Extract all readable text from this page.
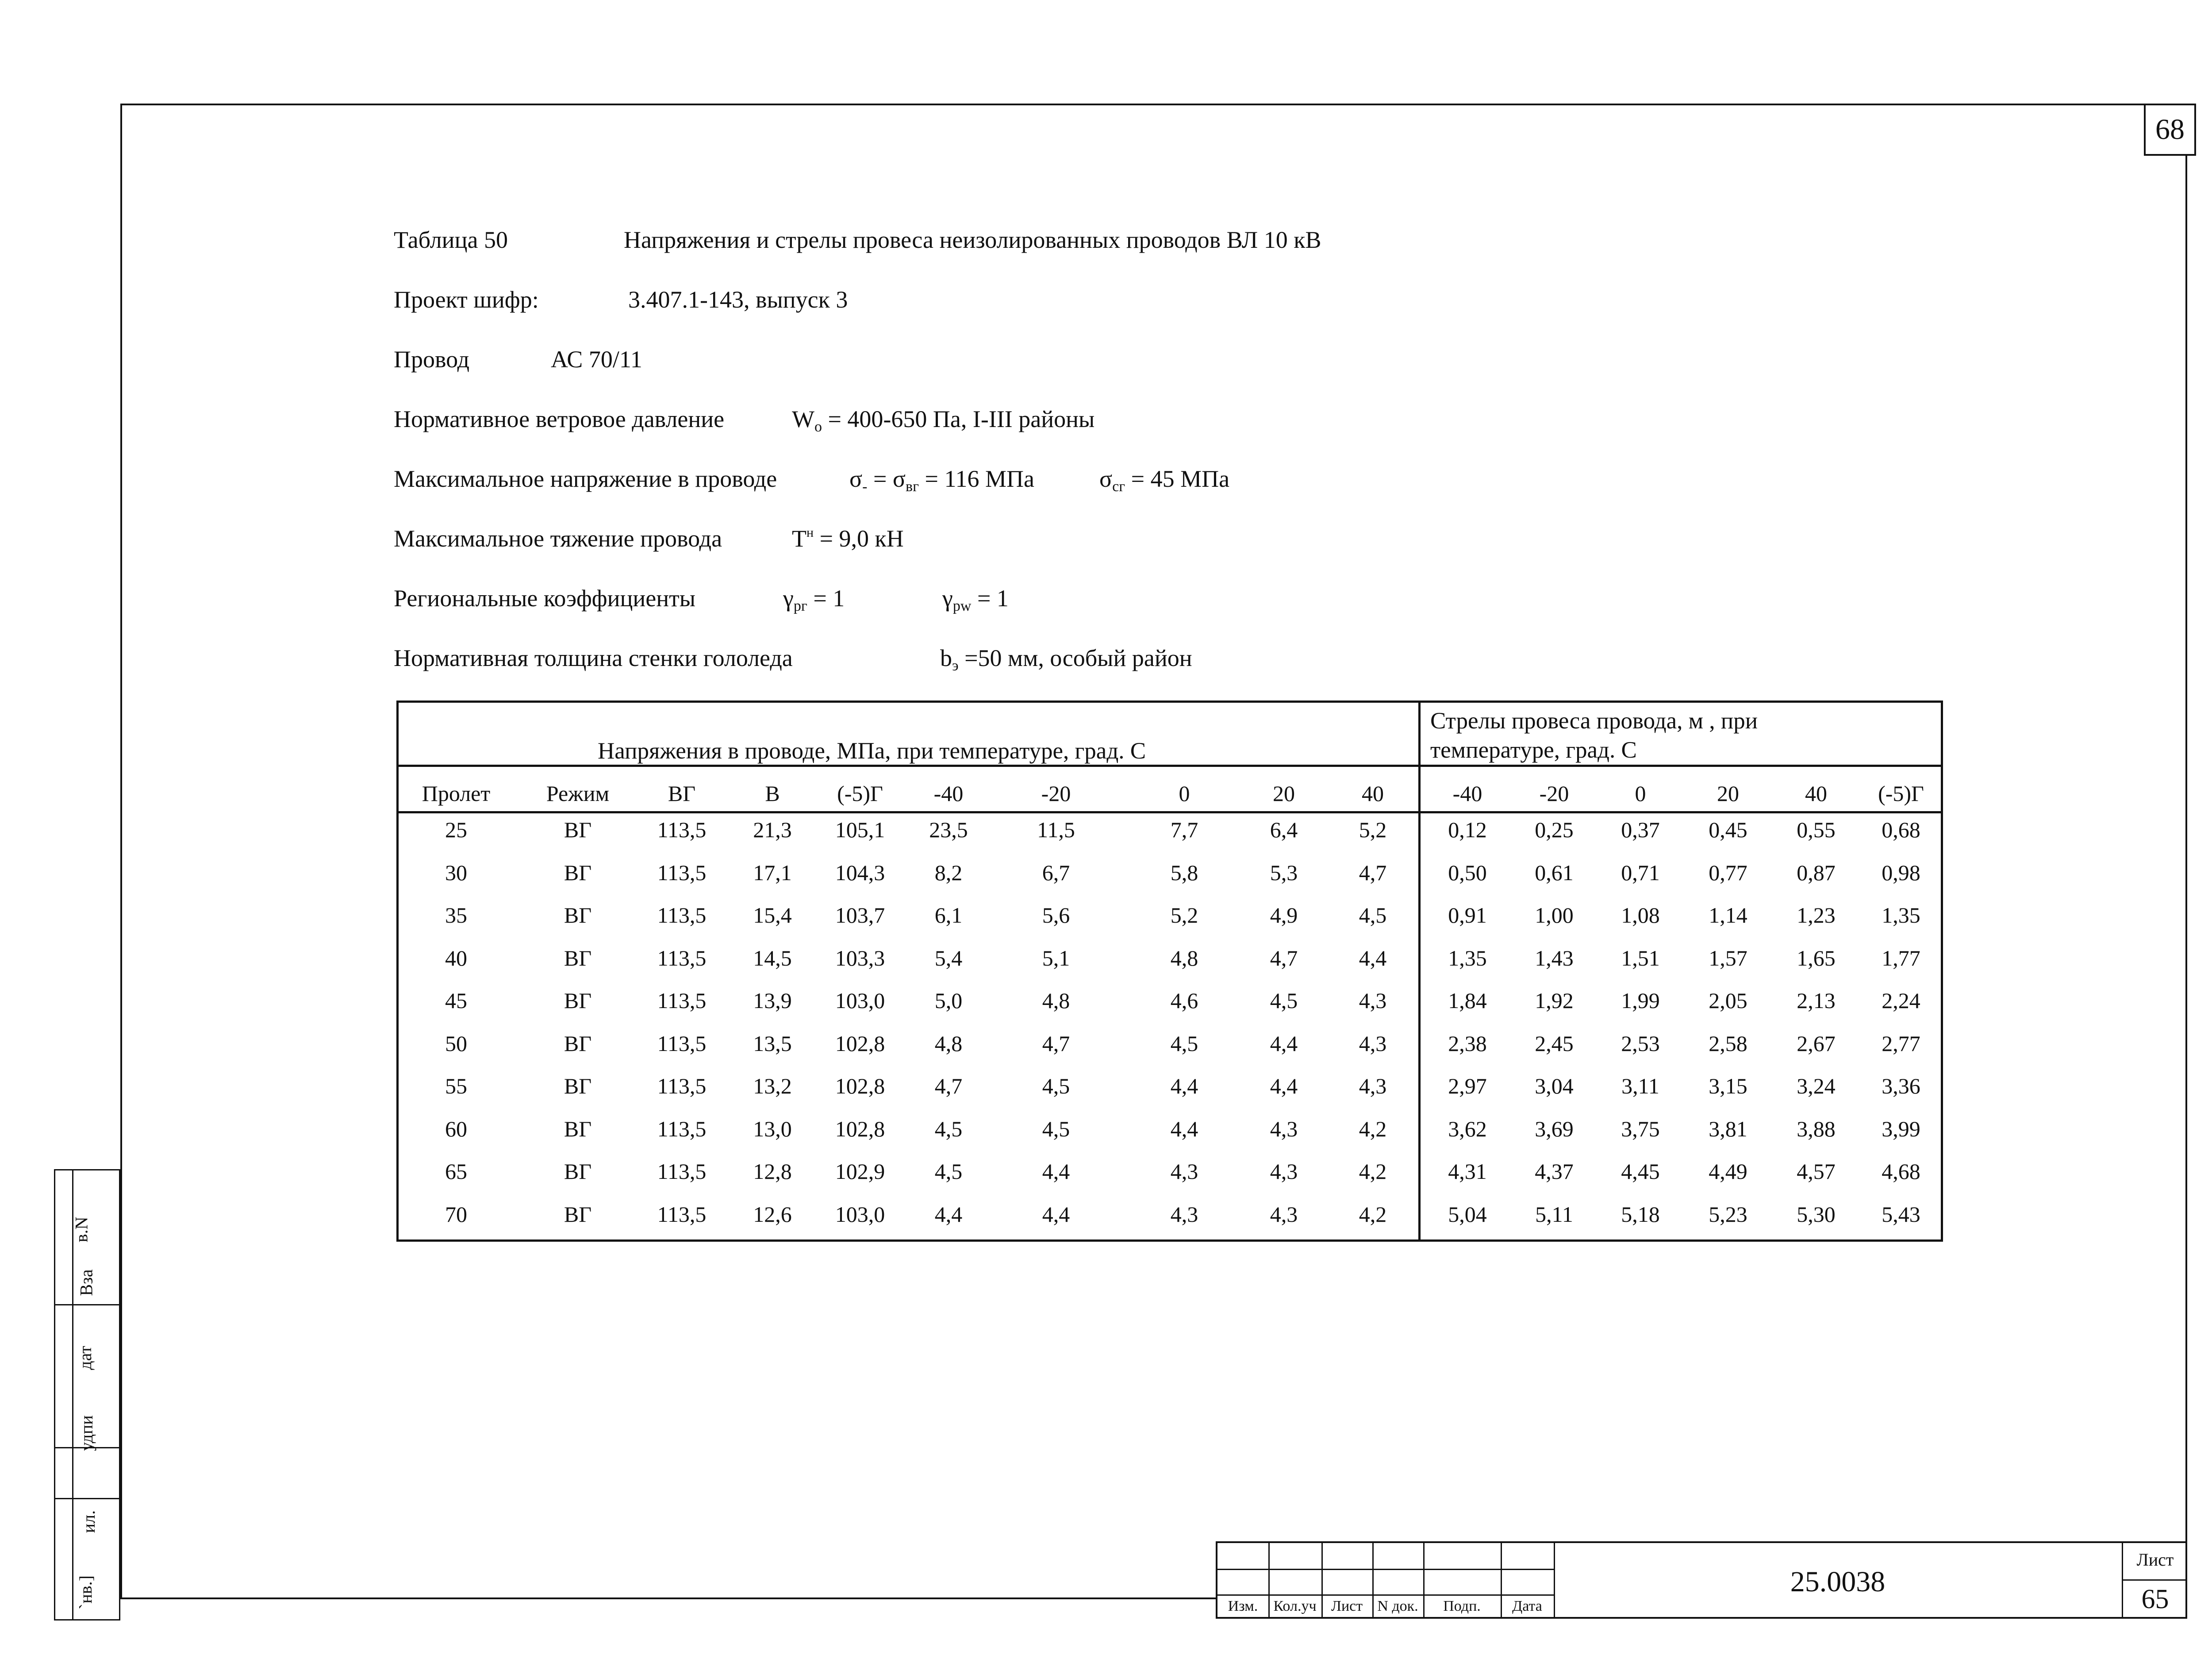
68
Таблица 50	Напряжения и стрелы провеса неизолированных проводов ВЛ 10 кВ
Проект шифр:	3.407.1-143, выпуск 3
Провод	АС 70/11
Нормативное ветровое давление	$W_o = 400-650$ Па, I-III районы
Максимальное напряжение в проводе	$\sigma_- = \sigma_{вг} = 116$ МПа	$\sigma_{cг} = 45$ МПа
Максимальное тяжение провода	$T^н = 9,0$ кН
Региональные коэффициенты	$\gamma_{pг} = 1$	$\gamma_{pw} = 1$
Нормативная толщина стенки гололеда	$b_э =50$ мм, особый район
Напряжения в проводе, МПа, при температуре, град. С
Стрелы провеса провода, м , при
температуре, град. С
Пролет	Режим	ВГ	В	(-5)Г	-40	-20	0	20	40	-40	-20	0	20	40	(-5)Г
25	ВГ	113,5	21,3	105,1	23,5	11,5	7,7	6,4	5,2	0,12	0,25	0,37	0,45	0,55	0,68
30	ВГ	113,5	17,1	104,3	8,2	6,7	5,8	5,3	4,7	0,50	0,61	0,71	0,77	0,87	0,98
35	ВГ	113,5	15,4	103,7	6,1	5,6	5,2	4,9	4,5	0,91	1,00	1,08	1,14	1,23	1,35
40	ВГ	113,5	14,5	103,3	5,4	5,1	4,8	4,7	4,4	1,35	1,43	1,51	1,57	1,65	1,77
45	ВГ	113,5	13,9	103,0	5,0	4,8	4,6	4,5	4,3	1,84	1,92	1,99	2,05	2,13	2,24
50	ВГ	113,5	13,5	102,8	4,8	4,7	4,5	4,4	4,3	2,38	2,45	2,53	2,58	2,67	2,77
55	ВГ	113,5	13,2	102,8	4,7	4,5	4,4	4,4	4,3	2,97	3,04	3,11	3,15	3,24	3,36
60	ВГ	113,5	13,0	102,8	4,5	4,5	4,4	4,3	4,2	3,62	3,69	3,75	3,81	3,88	3,99
65	ВГ	113,5	12,8	102,9	4,5	4,4	4,3	4,3	4,2	4,31	4,37	4,45	4,49	4,57	4,68
70	ВГ	113,5	12,6	103,0	4,4	4,4	4,3	4,3	4,2	5,04	5,11	5,18	5,23	5,30	5,43
в.N
Вза
дат
удпи
ил.
`нв.]	Изм.	Кол.уч Лист N док.	Подп.	Дата
25.0038
Лист
65
